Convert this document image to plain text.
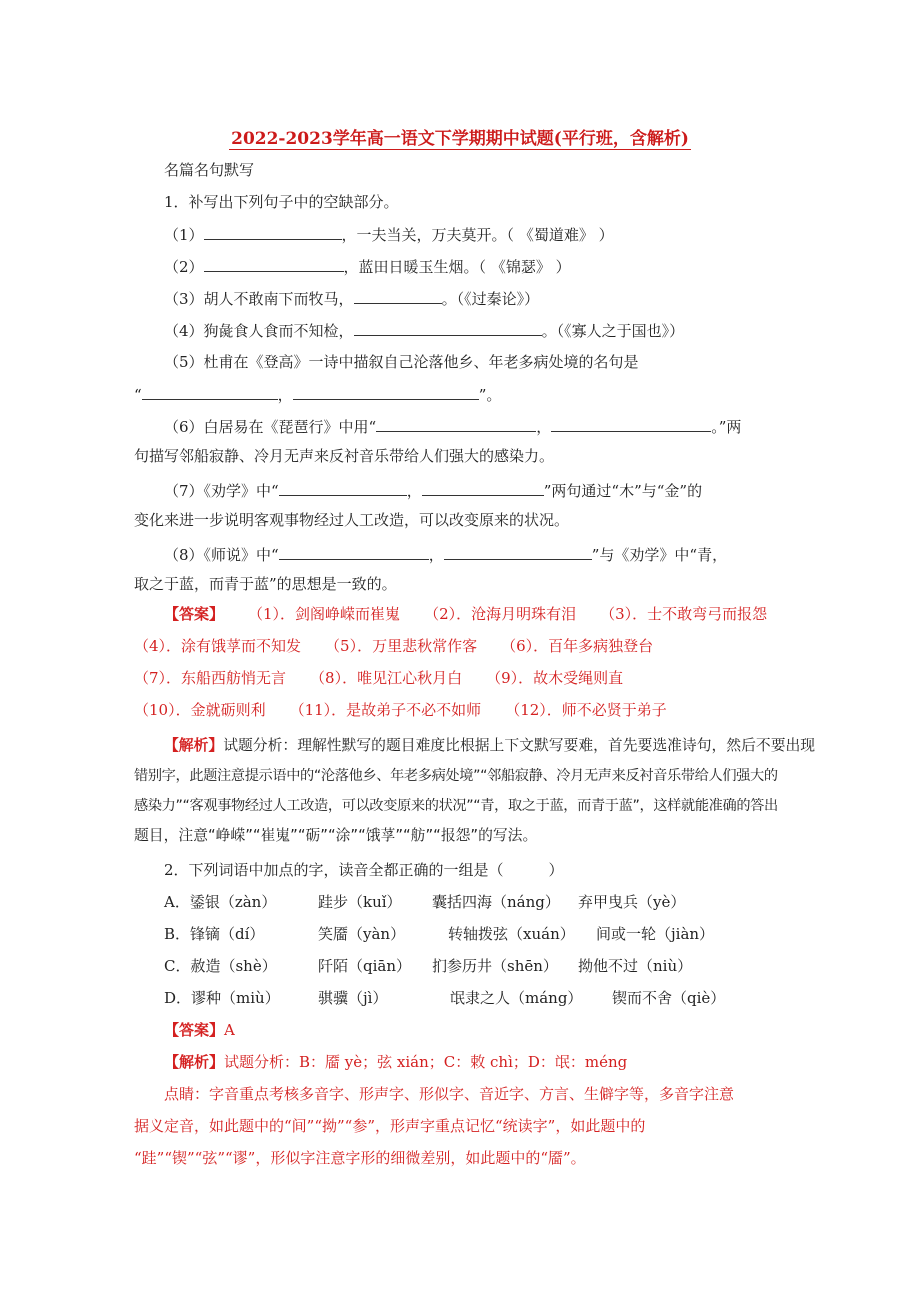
2022-2023学年高一语文下学期期中试题(平行班，含解析)
名篇名句默写
1．补写出下列句子中的空缺部分。
（1）	，一夫当关，万夫莫开。（ 《蜀道难》 ）
（2）	，蓝田日暖玉生烟。（ 《锦瑟》 ）
（3）胡人不敢南下而牧马，	。（《过秦论》）
（4）狗彘食人食而不知检，	。（《寡人之于国也》）
（5）杜甫在《登高》一诗中描叙自己沦落他乡、年老多病处境的名句是
“	，	”。
（6）白居易在《琵琶行》中用“	，	。”两
句描写邻船寂静、冷月无声来反衬音乐带给人们强大的感染力。
（7）《劝学》中“	，	”两句通过“木”与“金”的
变化来进一步说明客观事物经过人工改造，可以改变原来的状况。
（8）《师说》中“	，	”与《劝学》中“青，
取之于蓝，而青于蓝”的思想是一致的。
【答案】 （1）．剑阁峥嵘而崔嵬 （2）．沧海月明珠有泪 （3）．士不敢弯弓而报怨
（4）．涂有饿莩而不知发 （5）．万里悲秋常作客 （6）．百年多病独登台
（7）．东船西舫悄无言 （8）．唯见江心秋月白 （9）．故木受绳则直
（10）．金就砺则利 （11）．是故弟子不必不如师 （12）．师不必贤于弟子
【解析】试题分析：理解性默写的题目难度比根据上下文默写要难，首先要选准诗句，然后不要出现
错别字，此题注意提示语中的“沦落他乡、年老多病处境”“邻船寂静、冷月无声来反衬音乐带给人们强大的
感染力”“客观事物经过人工改造，可以改变原来的状况”“青，取之于蓝，而青于蓝”，这样就能准确的答出
题目，注意“峥嵘”“崔嵬”“砺”“涂”“饿莩”“舫”“报怨”的写法。
2．下列词语中加点的字，读音全都正确的一组是（　　　）
A．鋈银（zàn）	跬步（kuǐ） 囊括四海（náng） 弃甲曳兵（yè）
B．锋镝（dí）	笑靥（yàn）	转轴拨弦（xuán） 间或一轮（jiàn）
C．赦造（shè）	阡陌（qiān） 扪参历井（shēn） 拗他不过（niù）
D．谬种（miù）	骐骥（jì）	氓隶之人（máng） 锲而不舍（qiè）
【答案】A
【解析】试题分析：B：靥 yè；弦 xián；C：敕 chì；D：氓：méng
点睛：字音重点考核多音字、形声字、形似字、音近字、方言、生僻字等，多音字注意
据义定音，如此题中的“间”“拗”“参”，形声字重点记忆“统读字”，如此题中的
“跬”“锲”“弦”“谬”，形似字注意字形的细微差别，如此题中的“靥”。
